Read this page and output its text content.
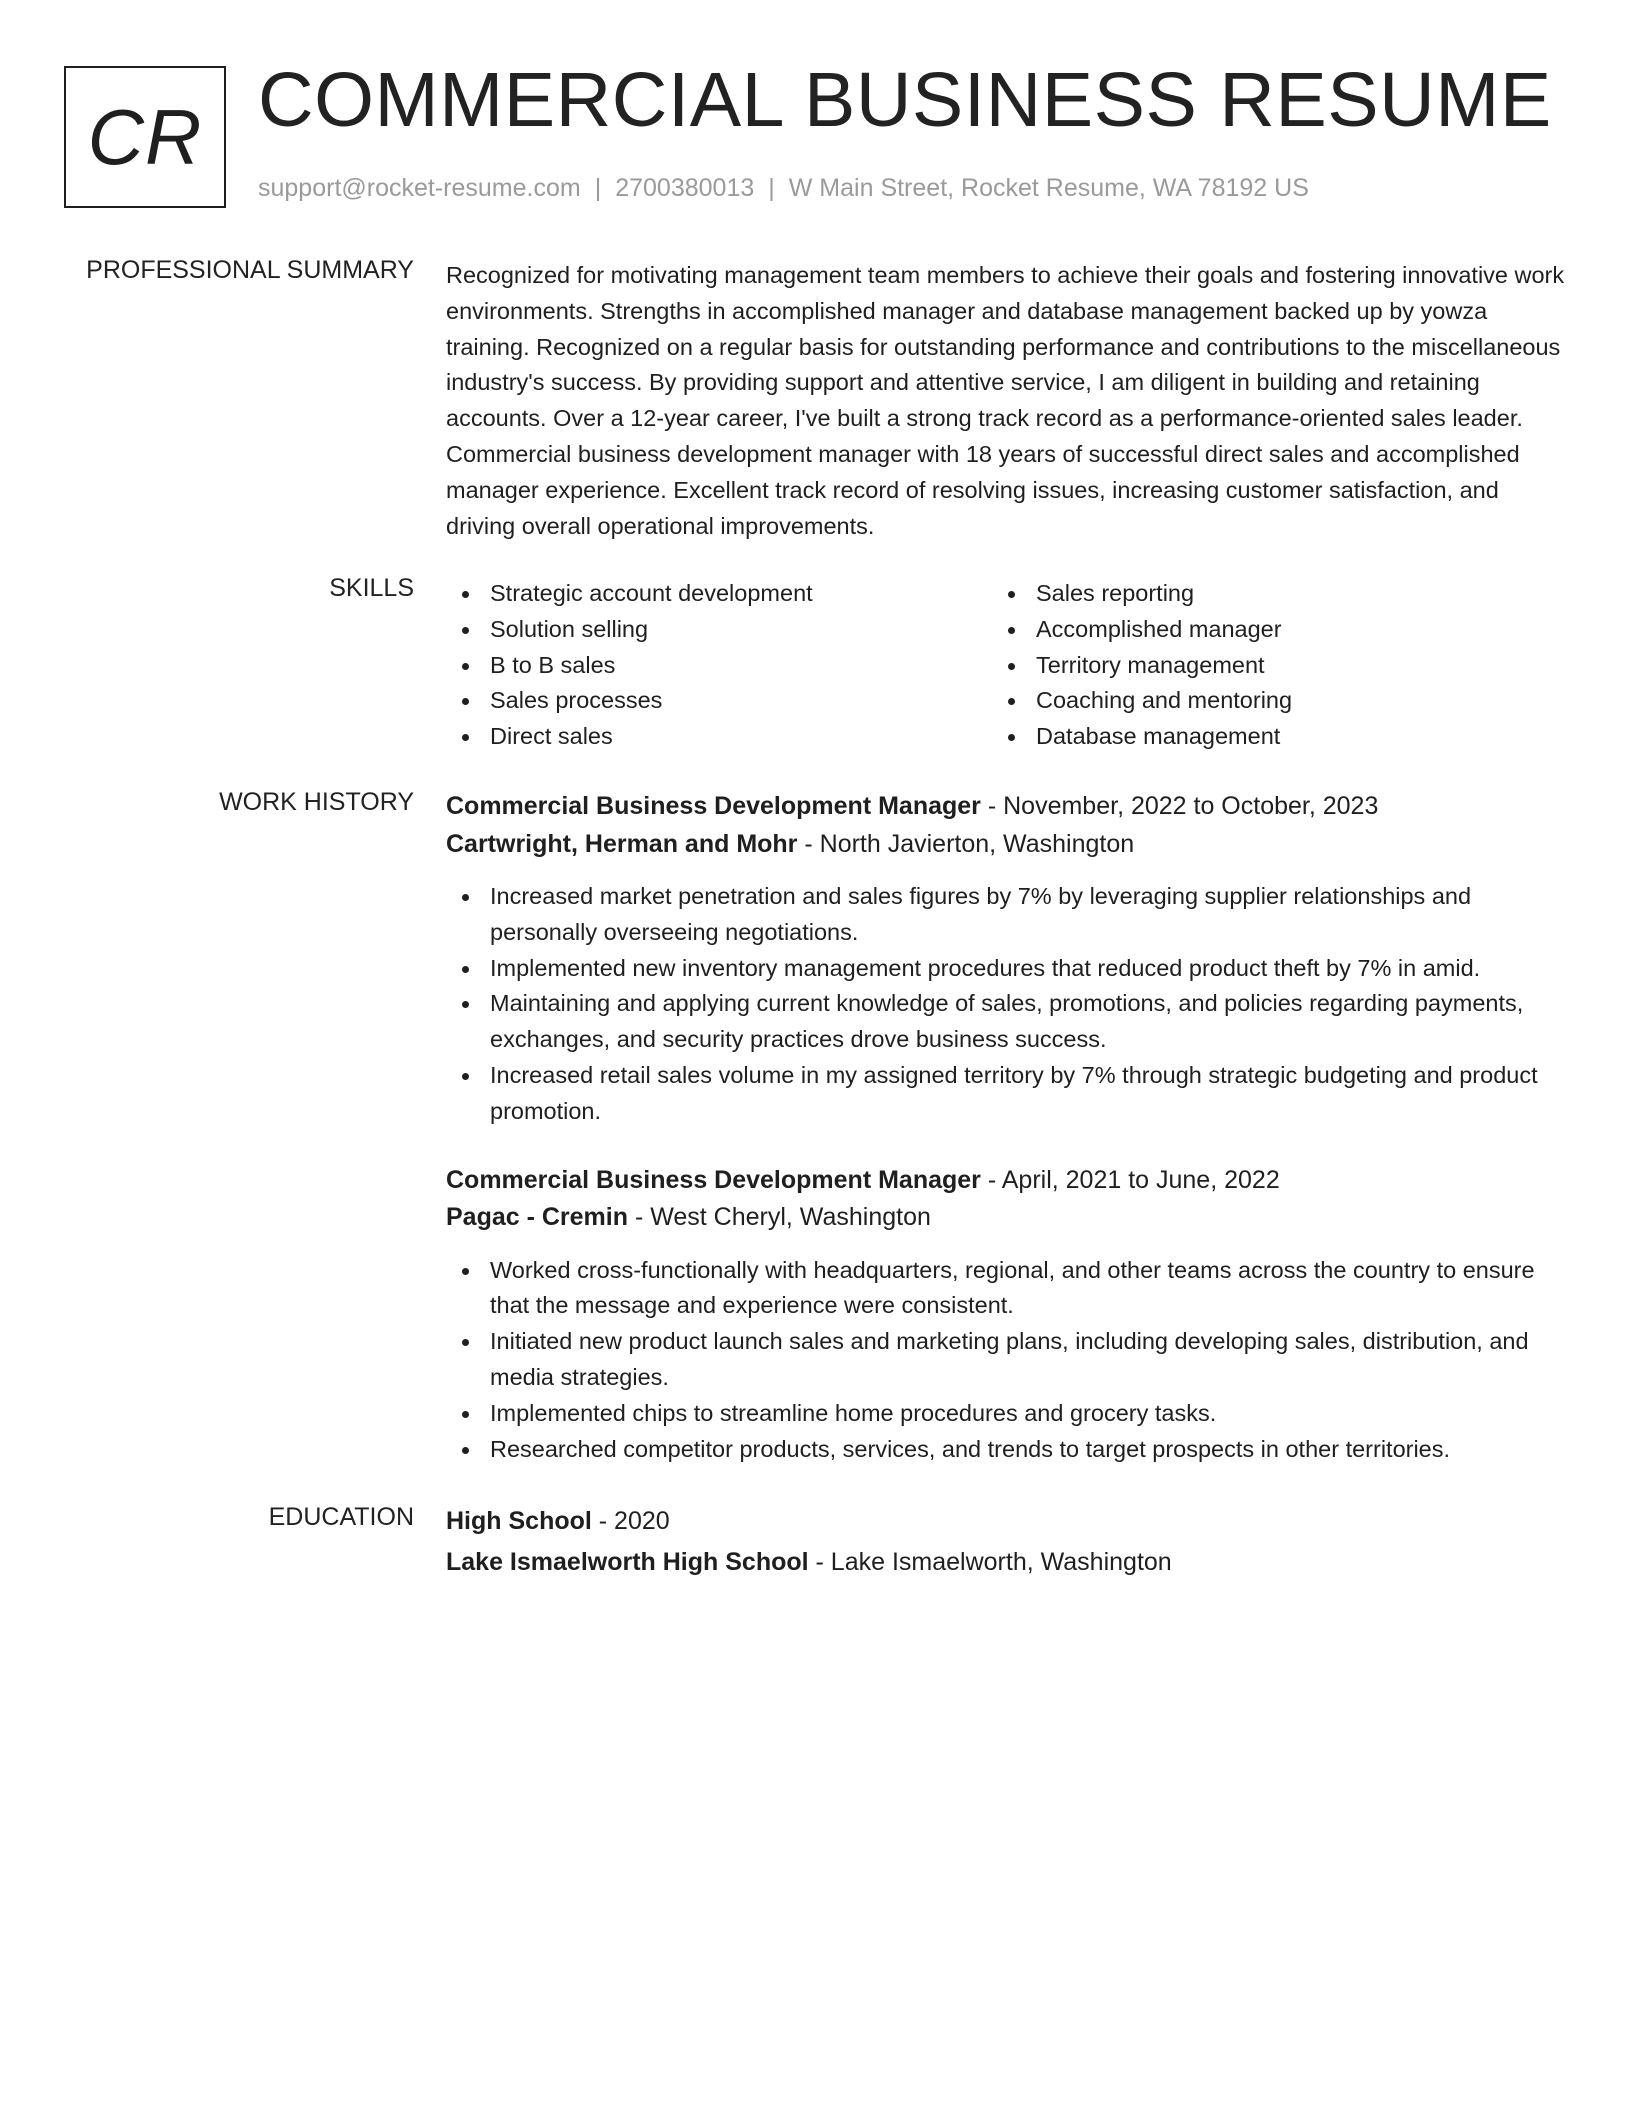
CR COMMERCIAL BUSINESS RESUME
support@rocket-resume.com | 2700380013 | W Main Street, Rocket Resume, WA 78192 US
PROFESSIONAL SUMMARY Recognized for motivating management team members to achieve their goals and fostering innovative work environments. Strengths in accomplished manager and database management backed up by yowza training. Recognized on a regular basis for outstanding performance and contributions to the miscellaneous industry's success. By providing support and attentive service, I am diligent in building and retaining accounts. Over a 12-year career, I've built a strong track record as a performance-oriented sales leader. Commercial business development manager with 18 years of successful direct sales and accomplished manager experience. Excellent track record of resolving issues, increasing customer satisfaction, and driving overall operational improvements.
SKILLS	Strategic account development
Solution selling
B to B sales
Sales processes
Direct sales
Sales reporting
Accomplished manager
Territory management
Coaching and mentoring
Database management
WORK HISTORY Commercial Business Development Manager - November, 2022 to October, 2023
Cartwright, Herman and Mohr - North Javierton, Washington
Increased market penetration and sales figures by 7% by leveraging supplier relationships and personally overseeing negotiations.
Implemented new inventory management procedures that reduced product theft by 7% in amid.
Maintaining and applying current knowledge of sales, promotions, and policies regarding payments, exchanges, and security practices drove business success.
Increased retail sales volume in my assigned territory by 7% through strategic budgeting and product promotion.
Commercial Business Development Manager - April, 2021 to June, 2022
Pagac - Cremin - West Cheryl, Washington
Worked cross-functionally with headquarters, regional, and other teams across the country to ensure that the message and experience were consistent.
Initiated new product launch sales and marketing plans, including developing sales, distribution, and media strategies.
Implemented chips to streamline home procedures and grocery tasks.
Researched competitor products, services, and trends to target prospects in other territories.
EDUCATION High School - 2020
Lake Ismaelworth High School - Lake Ismaelworth, Washington
